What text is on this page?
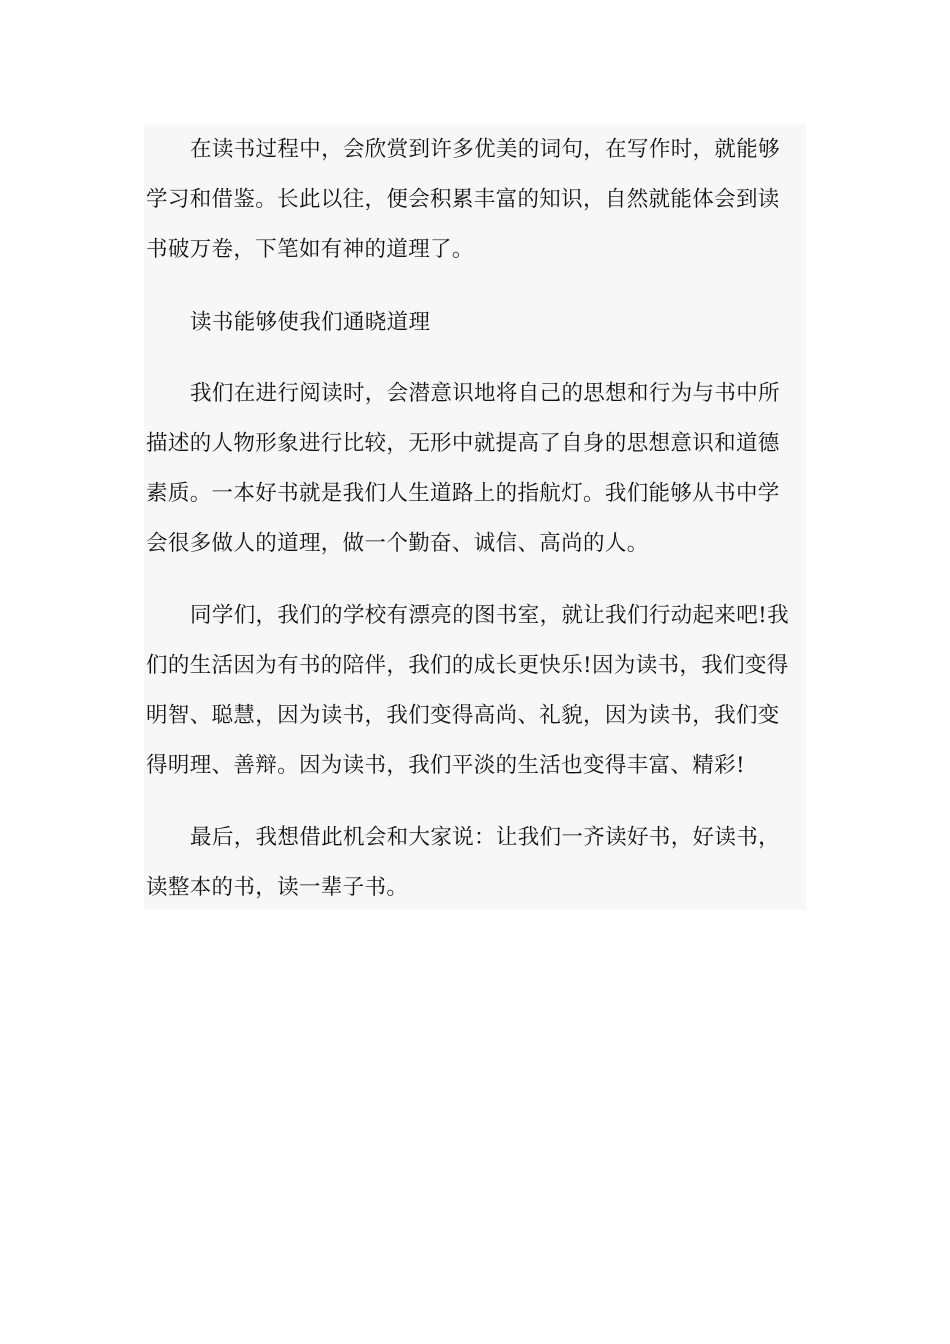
在读书过程中，会欣赏到许多优美的词句，在写作时，就能够
学习和借鉴。长此以往，便会积累丰富的知识，自然就能体会到读
书破万卷，下笔如有神的道理了。
读书能够使我们通晓道理
我们在进行阅读时，会潜意识地将自己的思想和行为与书中所
描述的人物形象进行比较，无形中就提高了自身的思想意识和道德
素质。一本好书就是我们人生道路上的指航灯。我们能够从书中学
会很多做人的道理，做一个勤奋、诚信、高尚的人。
同学们，我们的学校有漂亮的图书室，就让我们行动起来吧!我
们的生活因为有书的陪伴，我们的成长更快乐!因为读书，我们变得
明智、聪慧，因为读书，我们变得高尚、礼貌，因为读书，我们变
得明理、善辩。因为读书，我们平淡的生活也变得丰富、精彩!
最后，我想借此机会和大家说：让我们一齐读好书，好读书，
读整本的书，读一辈子书。
